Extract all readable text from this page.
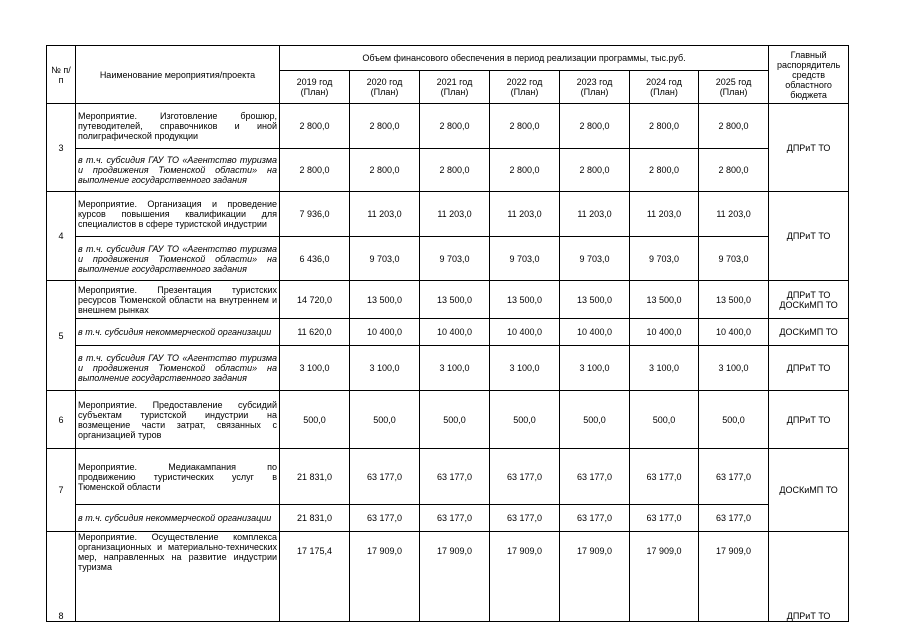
№ п/п	Наименование мероприятия/проекта	Объем финансового обеспечения в период реализации программы, тыс.руб.							Главный распорядитель средств областного бюджета
		2019 год (План)	2020 год (План)	2021 год (План)	2022 год (План)	2023 год (План)	2024 год (План)	2025 год (План)	
3	Мероприятие. Изготовление брошюр, путеводителей, справочников и иной полиграфической продукции	2 800,0	2 800,0	2 800,0	2 800,0	2 800,0	2 800,0	2 800,0	ДПРиТ ТО
	в т.ч. субсидия ГАУ ТО «Агентство туризма и продвижения Тюменской области» на выполнение государственного задания	2 800,0	2 800,0	2 800,0	2 800,0	2 800,0	2 800,0	2 800,0	
4	Мероприятие. Организация и проведение курсов повышения квалификации для специалистов в сфере туристской индустрии	7 936,0	11 203,0	11 203,0	11 203,0	11 203,0	11 203,0	11 203,0	ДПРиТ ТО
	в т.ч. субсидия ГАУ ТО «Агентство туризма и продвижения Тюменской области» на выполнение государственного задания	6 436,0	9 703,0	9 703,0	9 703,0	9 703,0	9 703,0	9 703,0	
5	Мероприятие. Презентация туристских ресурсов Тюменской области на внутреннем и внешнем рынках	14 720,0	13 500,0	13 500,0	13 500,0	13 500,0	13 500,0	13 500,0	ДПРиТ ТО ДОСКиМП ТО
	в т.ч. субсидия некоммерческой организации	11 620,0	10 400,0	10 400,0	10 400,0	10 400,0	10 400,0	10 400,0	ДОСКиМП ТО
	в т.ч. субсидия ГАУ ТО «Агентство туризма и продвижения Тюменской области» на выполнение государственного задания	3 100,0	3 100,0	3 100,0	3 100,0	3 100,0	3 100,0	3 100,0	ДПРиТ ТО
6	Мероприятие. Предоставление субсидий субъектам туристской индустрии на возмещение части затрат, связанных с организацией туров	500,0	500,0	500,0	500,0	500,0	500,0	500,0	ДПРиТ ТО
7	Мероприятие. Медиакампания по продвижению туристических услуг в Тюменской области	21 831,0	63 177,0	63 177,0	63 177,0	63 177,0	63 177,0	63 177,0	ДОСКиМП ТО
	в т.ч. субсидия некоммерческой организации	21 831,0	63 177,0	63 177,0	63 177,0	63 177,0	63 177,0	63 177,0	
8	Мероприятие. Осуществление комплекса организационных и материально-технических мер, направленных на развитие индустрии туризма	17 175,4	17 909,0	17 909,0	17 909,0	17 909,0	17 909,0	17 909,0	ДПРиТ ТО
